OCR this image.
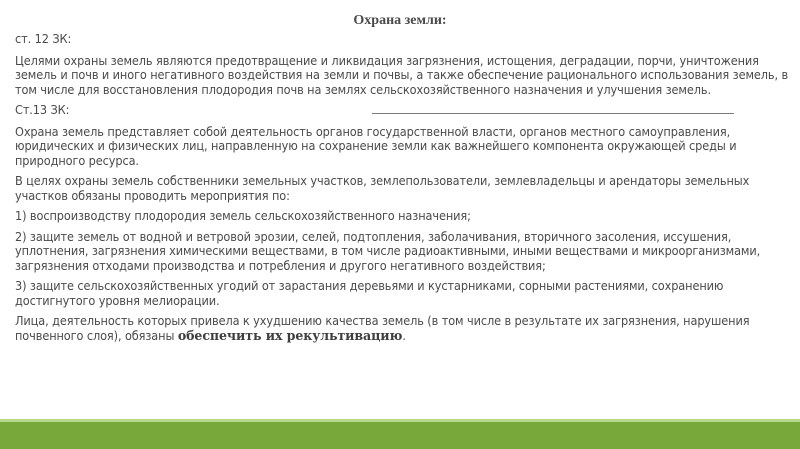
Охрана земли:

ст. 12 ЗК:

Целями охраны земель являются предотвращение и ликвидация загрязнения, истощения, деградации, порчи, уничтожения земель и почв и иного негативного воздействия на земли и почвы, а также обеспечение рационального использования земель, в том числе для восстановления плодородия почв на землях сельскохозяйственного назначения и улучшения земель.

Ст.13 ЗК:

Охрана земель представляет собой деятельность органов государственной власти, органов местного самоуправления, юридических и физических лиц, направленную на сохранение земли как важнейшего компонента окружающей среды и природного ресурса.

В целях охраны земель собственники земельных участков, землепользователи, землевладельцы и арендаторы земельных участков обязаны проводить мероприятия по:

1) воспроизводству плодородия земель сельскохозяйственного назначения;

2) защите земель от водной и ветровой эрозии, селей, подтопления, заболачивания, вторичного засоления, иссушения, уплотнения, загрязнения химическими веществами, в том числе радиоактивными, иными веществами и микроорганизмами, загрязнения отходами производства и потребления и другого негативного воздействия;

3) защите сельскохозяйственных угодий от зарастания деревьями и кустарниками, сорными растениями, сохранению достигнутого уровня мелиорации.

Лица, деятельность которых привела к ухудшению качества земель (в том числе в результате их загрязнения, нарушения почвенного слоя), обязаны обеспечить их рекультивацию.
